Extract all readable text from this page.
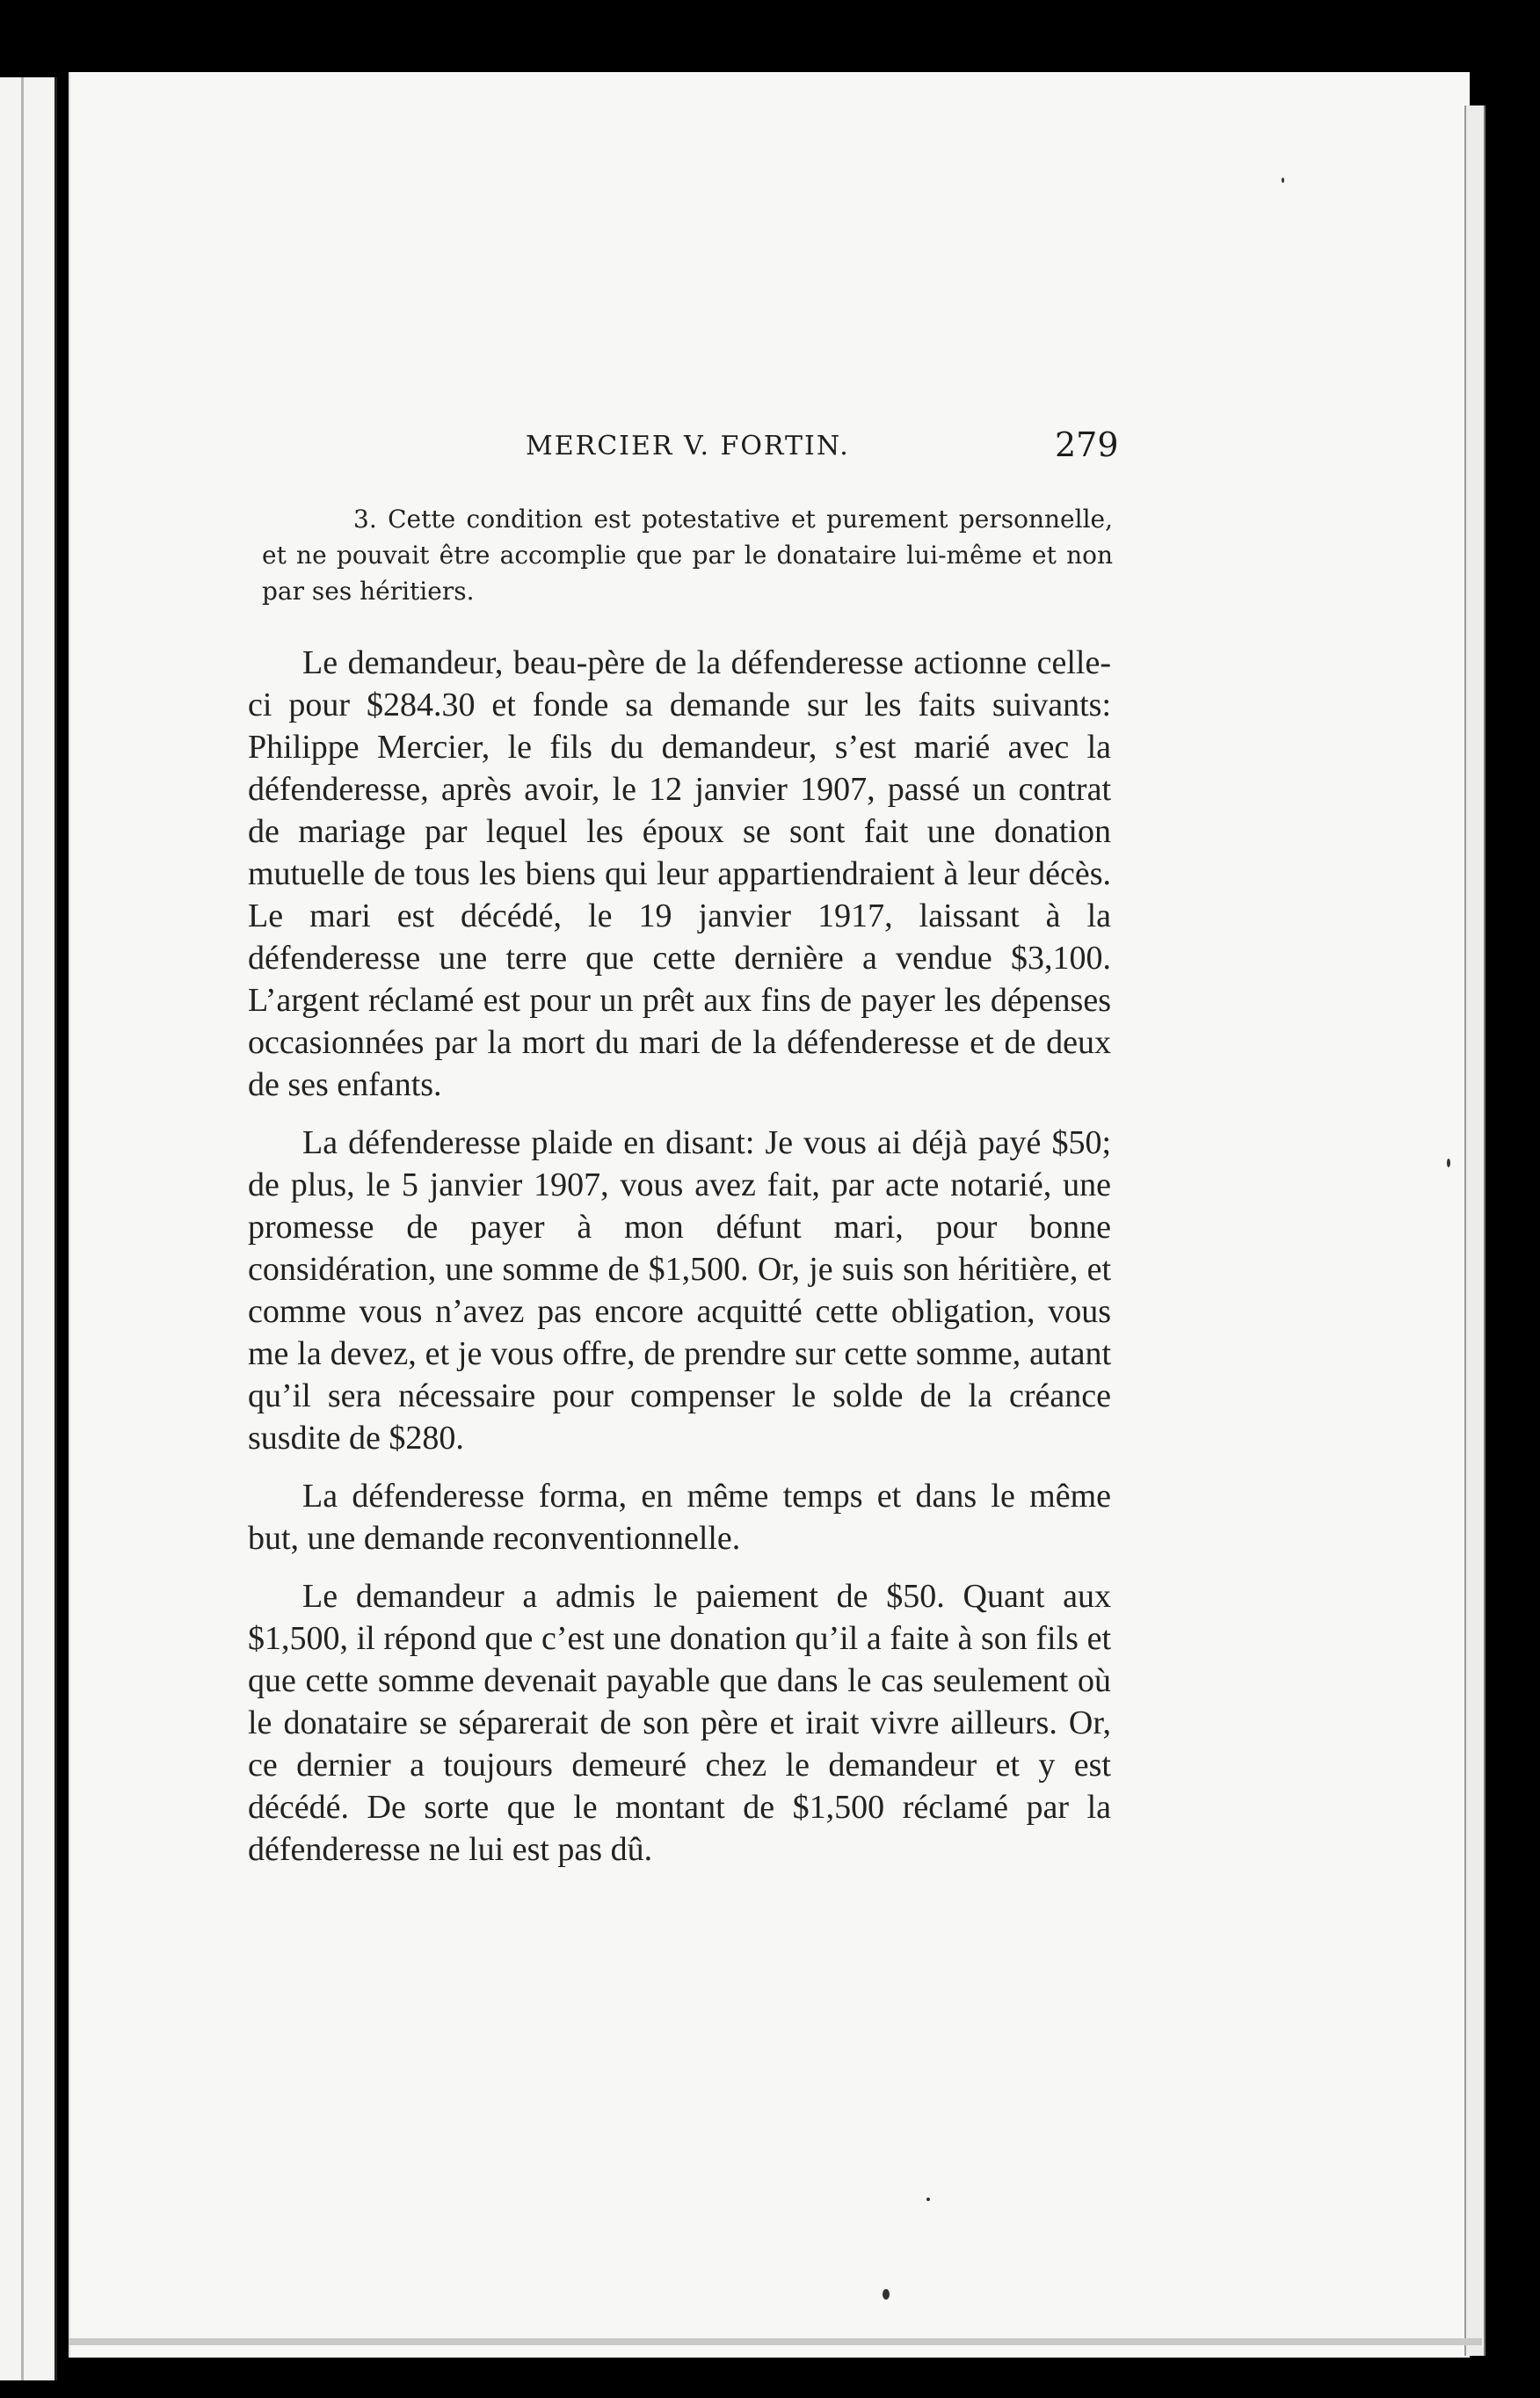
MERCIER V. FORTIN.	279
3. Cette condition est potestative et purement personnelle, et ne pouvait être accomplie que par le donataire lui-même et non par ses héritiers.

Le demandeur, beau-père de la défenderesse actionne celle-ci pour $284.30 et fonde sa demande sur les faits suivants: Philippe Mercier, le fils du demandeur, s’est marié avec la défenderesse, après avoir, le 12 janvier 1907, passé un contrat de mariage par lequel les époux se sont fait une donation mutuelle de tous les biens qui leur appartiendraient à leur décès. Le mari est décédé, le 19 janvier 1917, laissant à la défenderesse une terre que cette dernière a vendue $3,100. L’argent réclamé est pour un prêt aux fins de payer les dépenses occasionnées par la mort du mari de la défenderesse et de deux de ses enfants.

La défenderesse plaide en disant: Je vous ai déjà payé $50; de plus, le 5 janvier 1907, vous avez fait, par acte notarié, une promesse de payer à mon défunt mari, pour bonne considération, une somme de $1,500. Or, je suis son héritière, et comme vous n’avez pas encore acquitté cette obligation, vous me la devez, et je vous offre, de prendre sur cette somme, autant qu’il sera nécessaire pour compenser le solde de la créance susdite de $280.

La défenderesse forma, en même temps et dans le même but, une demande reconventionnelle.

Le demandeur a admis le paiement de $50. Quant aux $1,500, il répond que c’est une donation qu’il a faite à son fils et que cette somme devenait payable que dans le cas seulement où le donataire se séparerait de son père et irait vivre ailleurs. Or, ce dernier a toujours demeuré chez le demandeur et y est décédé. De sorte que le montant de $1,500 réclamé par la défenderesse ne lui est pas dû.
